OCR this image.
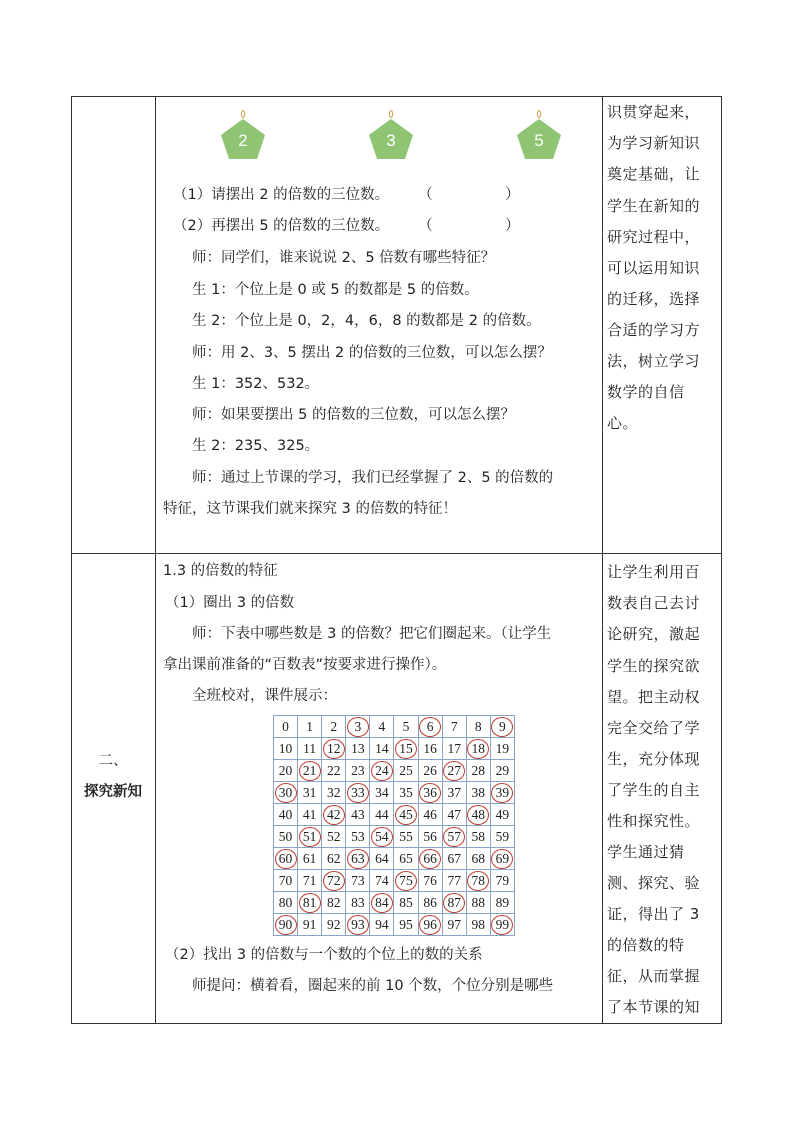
2	3	5
（1）请摆出 2 的倍数的三位数。　　　（　　　　　）
（2）再摆出 5 的倍数的三位数。　　　（　　　　　）
师：同学们，谁来说说 2、5 倍数有哪些特征？
生 1：个位上是 0 或 5 的数都是 5 的倍数。
生 2：个位上是 0，2，4，6，8 的数都是 2 的倍数。
师：用 2、3、5 摆出 2 的倍数的三位数，可以怎么摆？
生 1：352、532。
师：如果要摆出 5 的倍数的三位数，可以怎么摆？
生 2：235、325。
师：通过上节课的学习，我们已经掌握了 2、5 的倍数的
特征，这节课我们就来探究 3 的倍数的特征！
识贯穿起来，
为学习新知识
奠定基础，让
学生在新知的
研究过程中，
可以运用知识
的迁移，选择
合适的学习方
法，树立学习
数学的自信
心。
二、
探究新知
1.3 的倍数的特征
（1）圈出 3 的倍数
师：下表中哪些数是 3 的倍数？把它们圈起来。（让学生
拿出课前准备的“百数表”按要求进行操作）。
全班校对，课件展示：
0	1	2	3	4	5	6	7	8	9
10	11	12	13	14	15	16	17	18	19
20	21	22	23	24	25	26	27	28	29
30	31	32	33	34	35	36	37	38	39
40	41	42	43	44	45	46	47	48	49
50	51	52	53	54	55	56	57	58	59
60	61	62	63	64	65	66	67	68	69
70	71	72	73	74	75	76	77	78	79
80	81	82	83	84	85	86	87	88	89
90	91	92	93	94	95	96	97	98	99
（2）找出 3 的倍数与一个数的个位上的数的关系
师提问：横着看，圈起来的前 10 个数，个位分别是哪些
让学生利用百
数表自己去讨
论研究，激起
学生的探究欲
望。把主动权
完全交给了学
生，充分体现
了学生的自主
性和探究性。
学生通过猜
测、探究、验
证，得出了 3
的倍数的特
征，从而掌握
了本节课的知
